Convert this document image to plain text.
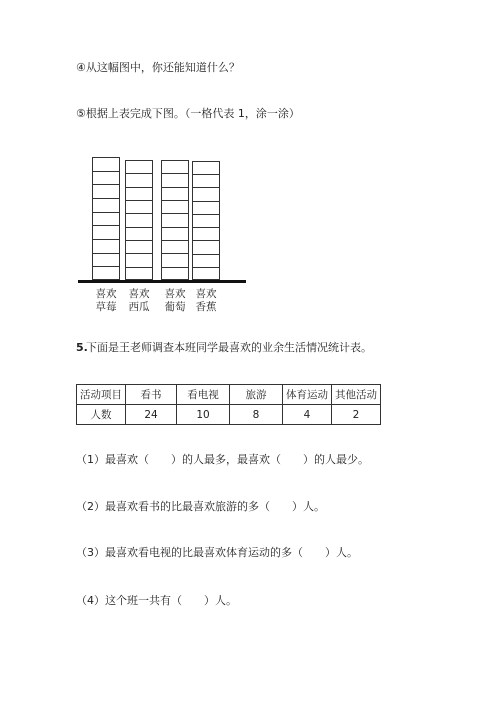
④从这幅图中，你还能知道什么？
⑤根据上表完成下图。（一格代表 1，涂一涂）
喜欢
草莓
喜欢
西瓜
喜欢
葡萄
喜欢
香蕉
5.
下面是王老师调查本班同学最喜欢的业余生活情况统计表。
活动项目	看书	看电视	旅游	体育运动	其他活动
人数	24	10	8	4	2
（1）最喜欢（　　）的人最多，最喜欢（　　）的人最少。
（2）最喜欢看书的比最喜欢旅游的多（　　）人。
（3）最喜欢看电视的比最喜欢体育运动的多（　　）人。
（4）这个班一共有（　　）人。
